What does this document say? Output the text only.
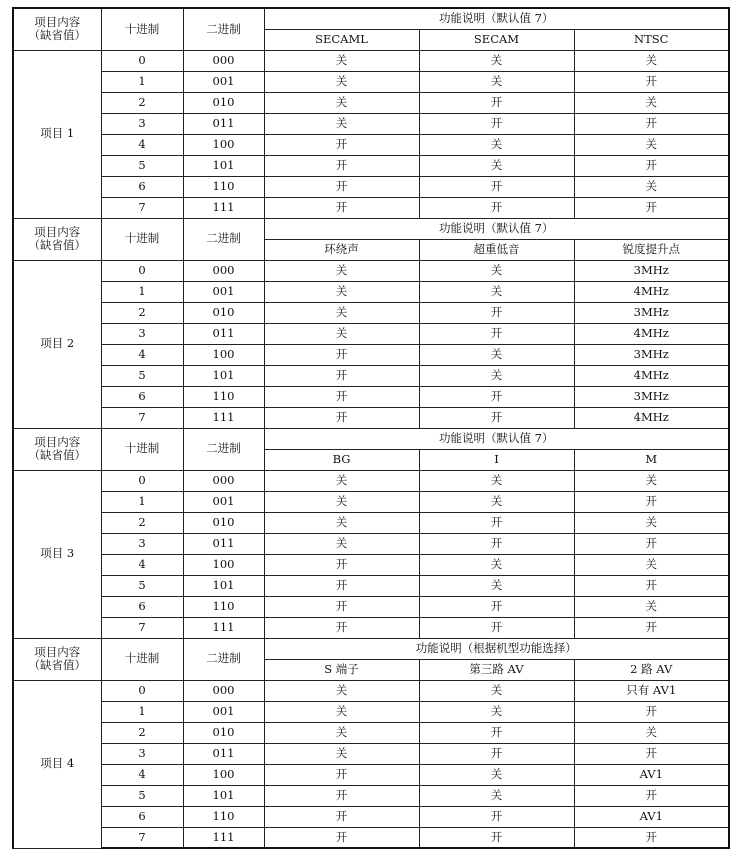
项目内容
（缺省值）	十进制	二进制	功能说明（默认值 7）		
			SECAML	SECAM	NTSC
项目 1	0	000	关	关	关
	1	001	关	关	开
	2	010	关	开	关
	3	011	关	开	开
	4	100	开	关	关
	5	101	开	关	开
	6	110	开	开	关
	7	111	开	开	开

项目内容
（缺省值）	十进制	二进制	功能说明（默认值 7）		
			环绕声	超重低音	锐度提升点
项目 2	0	000	关	关	3MHz
	1	001	关	关	4MHz
	2	010	关	开	3MHz
	3	011	关	开	4MHz
	4	100	开	关	3MHz
	5	101	开	关	4MHz
	6	110	开	开	3MHz
	7	111	开	开	4MHz

项目内容
（缺省值）	十进制	二进制	功能说明（默认值 7）		
			BG	I	M
项目 3	0	000	关	关	关
	1	001	关	关	开
	2	010	关	开	关
	3	011	关	开	开
	4	100	开	关	关
	5	101	开	关	开
	6	110	开	开	关
	7	111	开	开	开

项目内容
（缺省值）	十进制	二进制	功能说明（根据机型功能选择）		
			S 端子	第三路 AV	2 路 AV
项目 4	0	000	关	关	只有 AV1
	1	001	关	关	开
	2	010	关	开	关
	3	011	关	开	开
	4	100	开	关	AV1
	5	101	开	关	开
	6	110	开	开	AV1
	7	111	开	开	开
